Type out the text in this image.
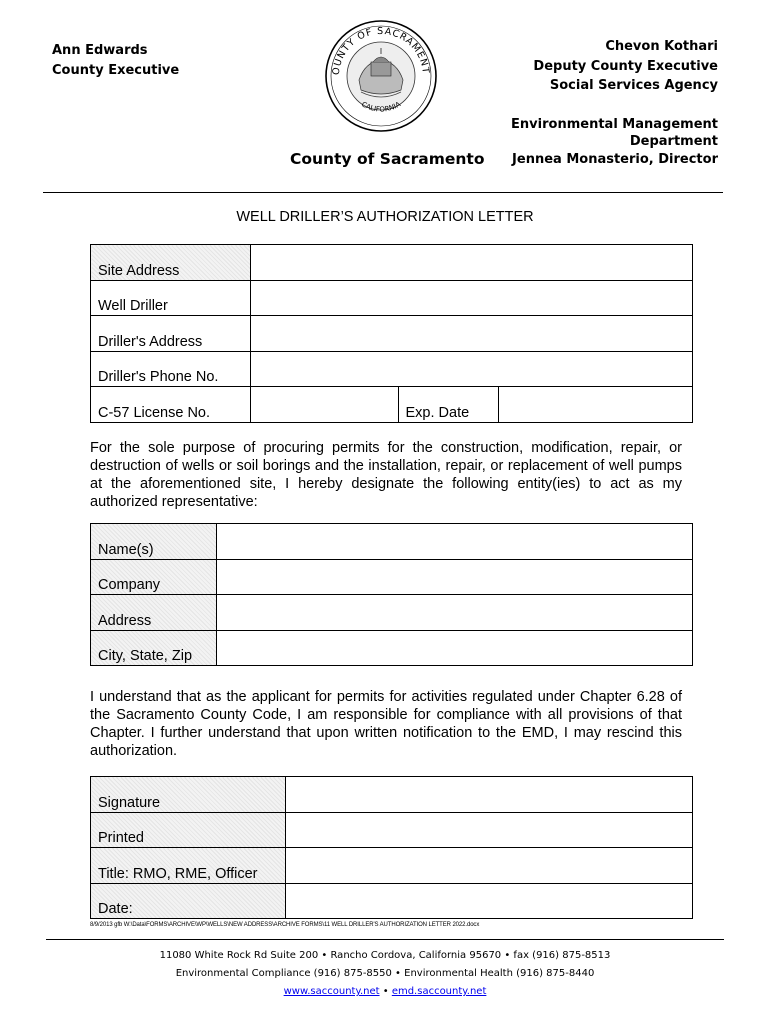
Ann Edwards
County Executive	OUNTY OF SACRAMENT
CALIFORNIA
County of Sacramento
Chevon Kothari
Deputy County Executive
Social Services Agency
Environmental Management
Department
Jennea Monasterio, Director
WELL DRILLER’S AUTHORIZATION LETTER
Site Address			
Well Driller			
Driller's Address			
Driller's Phone No.			
C-57 License No.		Exp. Date	
For the sole purpose of procuring permits for the construction, modification, repair, or destruction of wells or soil borings and the installation, repair, or replacement of well pumps at the aforementioned site, I hereby designate the following entity(ies) to act as my authorized representative:
Name(s)	
Company	
Address	
City, State, Zip	
I understand that as the applicant for permits for activities regulated under Chapter 6.28 of the Sacramento County Code, I am responsible for compliance with all provisions of that Chapter. I further understand that upon written notification to the EMD, I may rescind this authorization.
Signature	
Printed	
Title: RMO, RME, Officer	
Date:	
8/9/2013 gfb W:\Data\FORMS\ARCHIVE\WP\WELLS\NEW ADDRESS\ARCHIVE FORMS\11 WELL DRILLER'S AUTHORIZATION LETTER 2022.docx
11080 White Rock Rd Suite 200 • Rancho Cordova, California 95670 • fax (916) 875-8513
Environmental Compliance (916) 875-8550 • Environmental Health (916) 875-8440
www.saccounty.net • emd.saccounty.net
